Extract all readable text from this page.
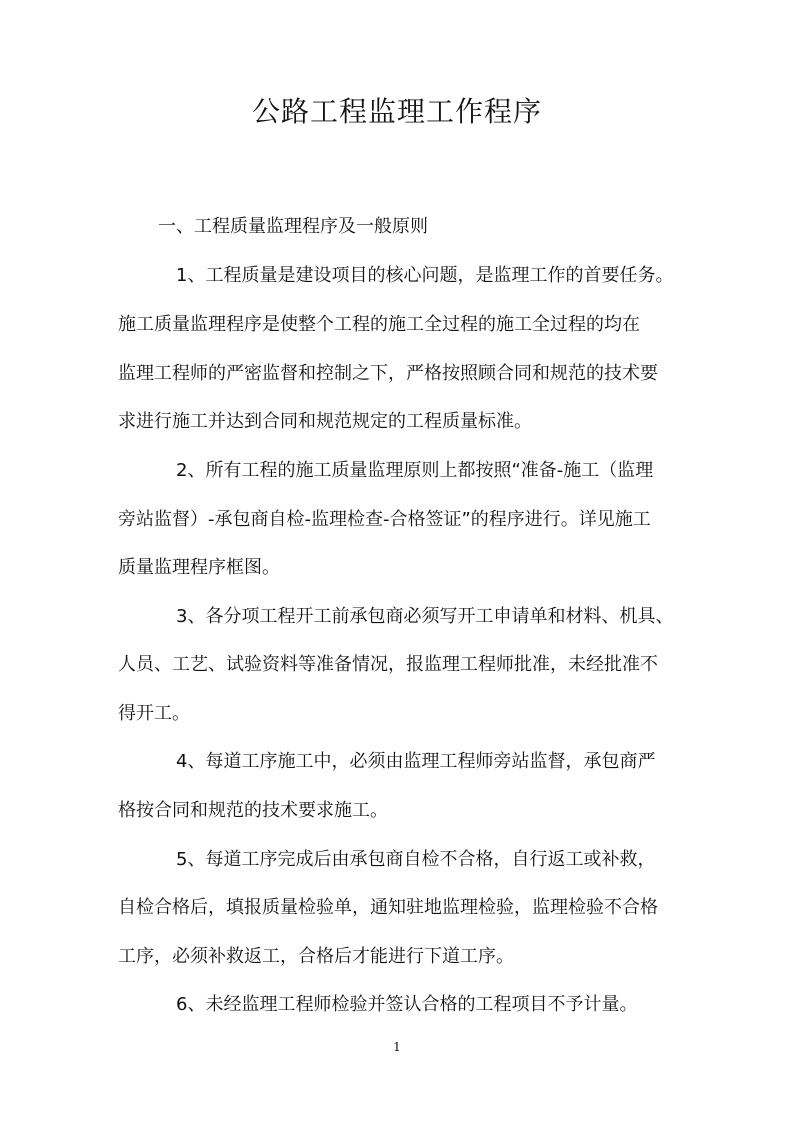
公路工程监理工作程序
一、工程质量监理程序及一般原则
1、工程质量是建设项目的核心问题，是监理工作的首要任务。
施工质量监理程序是使整个工程的施工全过程的施工全过程的均在
监理工程师的严密监督和控制之下，严格按照顾合同和规范的技术要
求进行施工并达到合同和规范规定的工程质量标准。
2、所有工程的施工质量监理原则上都按照“准备-施工（监理
旁站监督）-承包商自检-监理检查-合格签证”的程序进行。详见施工
质量监理程序框图。
3、各分项工程开工前承包商必须写开工申请单和材料、机具、
人员、工艺、试验资料等准备情况，报监理工程师批准，未经批准不
得开工。
4、每道工序施工中，必须由监理工程师旁站监督，承包商严
格按合同和规范的技术要求施工。
5、每道工序完成后由承包商自检不合格，自行返工或补救，
自检合格后，填报质量检验单，通知驻地监理检验，监理检验不合格
工序，必须补救返工，合格后才能进行下道工序。
6、未经监理工程师检验并签认合格的工程项目不予计量。
1
